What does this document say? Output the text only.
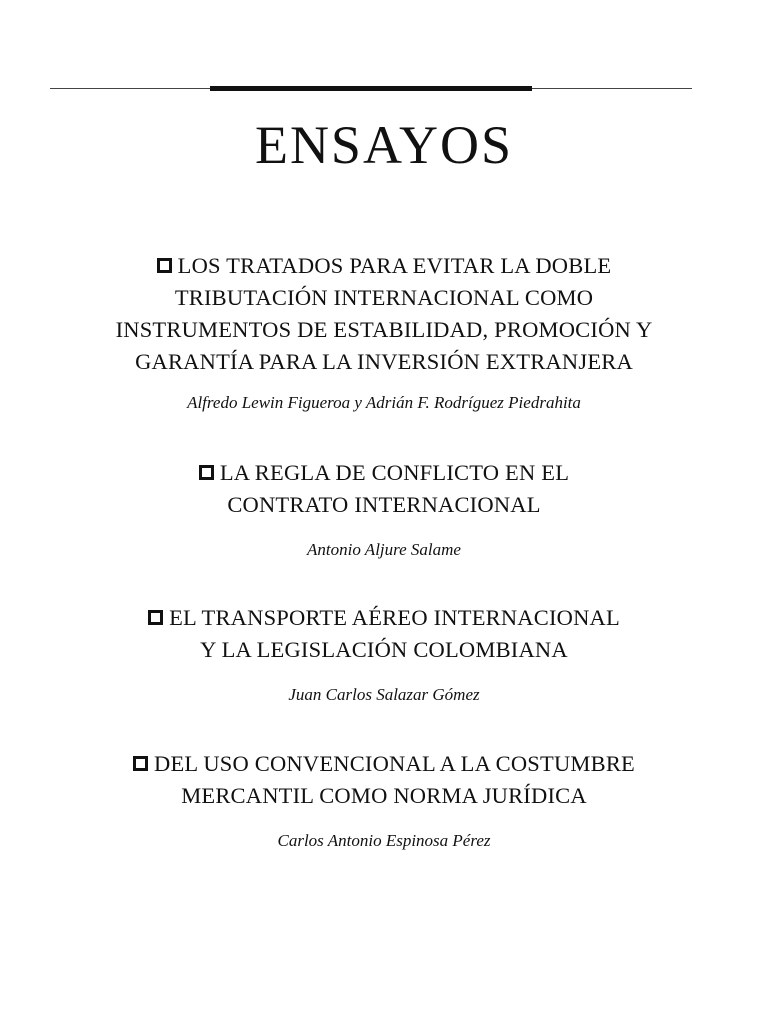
ENSAYOS
LOS TRATADOS PARA EVITAR LA DOBLE
TRIBUTACIÓN INTERNACIONAL COMO
INSTRUMENTOS DE ESTABILIDAD, PROMOCIÓN Y
GARANTÍA PARA LA INVERSIÓN EXTRANJERA
Alfredo Lewin Figueroa y Adrián F. Rodríguez Piedrahita
LA REGLA DE CONFLICTO EN EL
CONTRATO INTERNACIONAL
Antonio Aljure Salame
EL TRANSPORTE AÉREO INTERNACIONAL
Y LA LEGISLACIÓN COLOMBIANA
Juan Carlos Salazar Gómez
DEL USO CONVENCIONAL A LA COSTUMBRE
MERCANTIL COMO NORMA JURÍDICA
Carlos Antonio Espinosa Pérez
